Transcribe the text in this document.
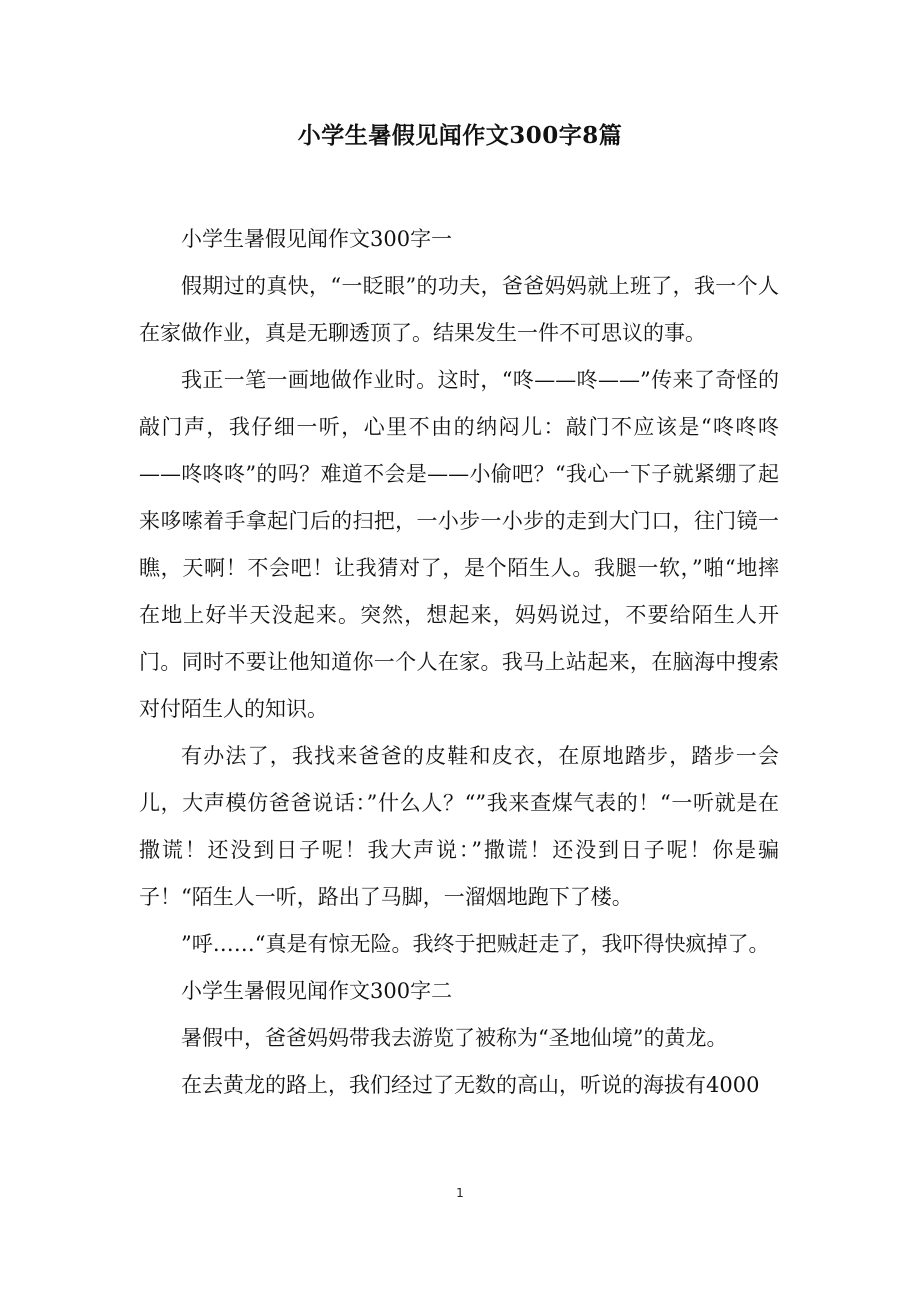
小学生暑假见闻作文300字8篇

小学生暑假见闻作文300字一

假期过的真快，“一眨眼”的功夫，爸爸妈妈就上班了，我一个人在家做作业，真是无聊透顶了。结果发生一件不可思议的事。

我正一笔一画地做作业时。这时，“咚——咚——”传来了奇怪的敲门声，我仔细一听，心里不由的纳闷儿：敲门不应该是“咚咚咚——咚咚咚”的吗？难道不会是——小偷吧？“我心一下子就紧绷了起来哆嗦着手拿起门后的扫把，一小步一小步的走到大门口，往门镜一瞧，天啊！不会吧！让我猜对了，是个陌生人。我腿一软，”啪“地摔在地上好半天没起来。突然，想起来，妈妈说过，不要给陌生人开门。同时不要让他知道你一个人在家。我马上站起来，在脑海中搜索对付陌生人的知识。

有办法了，我找来爸爸的皮鞋和皮衣，在原地踏步，踏步一会儿，大声模仿爸爸说话：”什么人？“”我来查煤气表的！“一听就是在撒谎！还没到日子呢！我大声说：”撒谎！还没到日子呢！你是骗子！“陌生人一听，路出了马脚，一溜烟地跑下了楼。

”呼……“真是有惊无险。我终于把贼赶走了，我吓得快疯掉了。

小学生暑假见闻作文300字二

暑假中，爸爸妈妈带我去游览了被称为“圣地仙境”的黄龙。

在去黄龙的路上，我们经过了无数的高山，听说的海拔有4000

1
